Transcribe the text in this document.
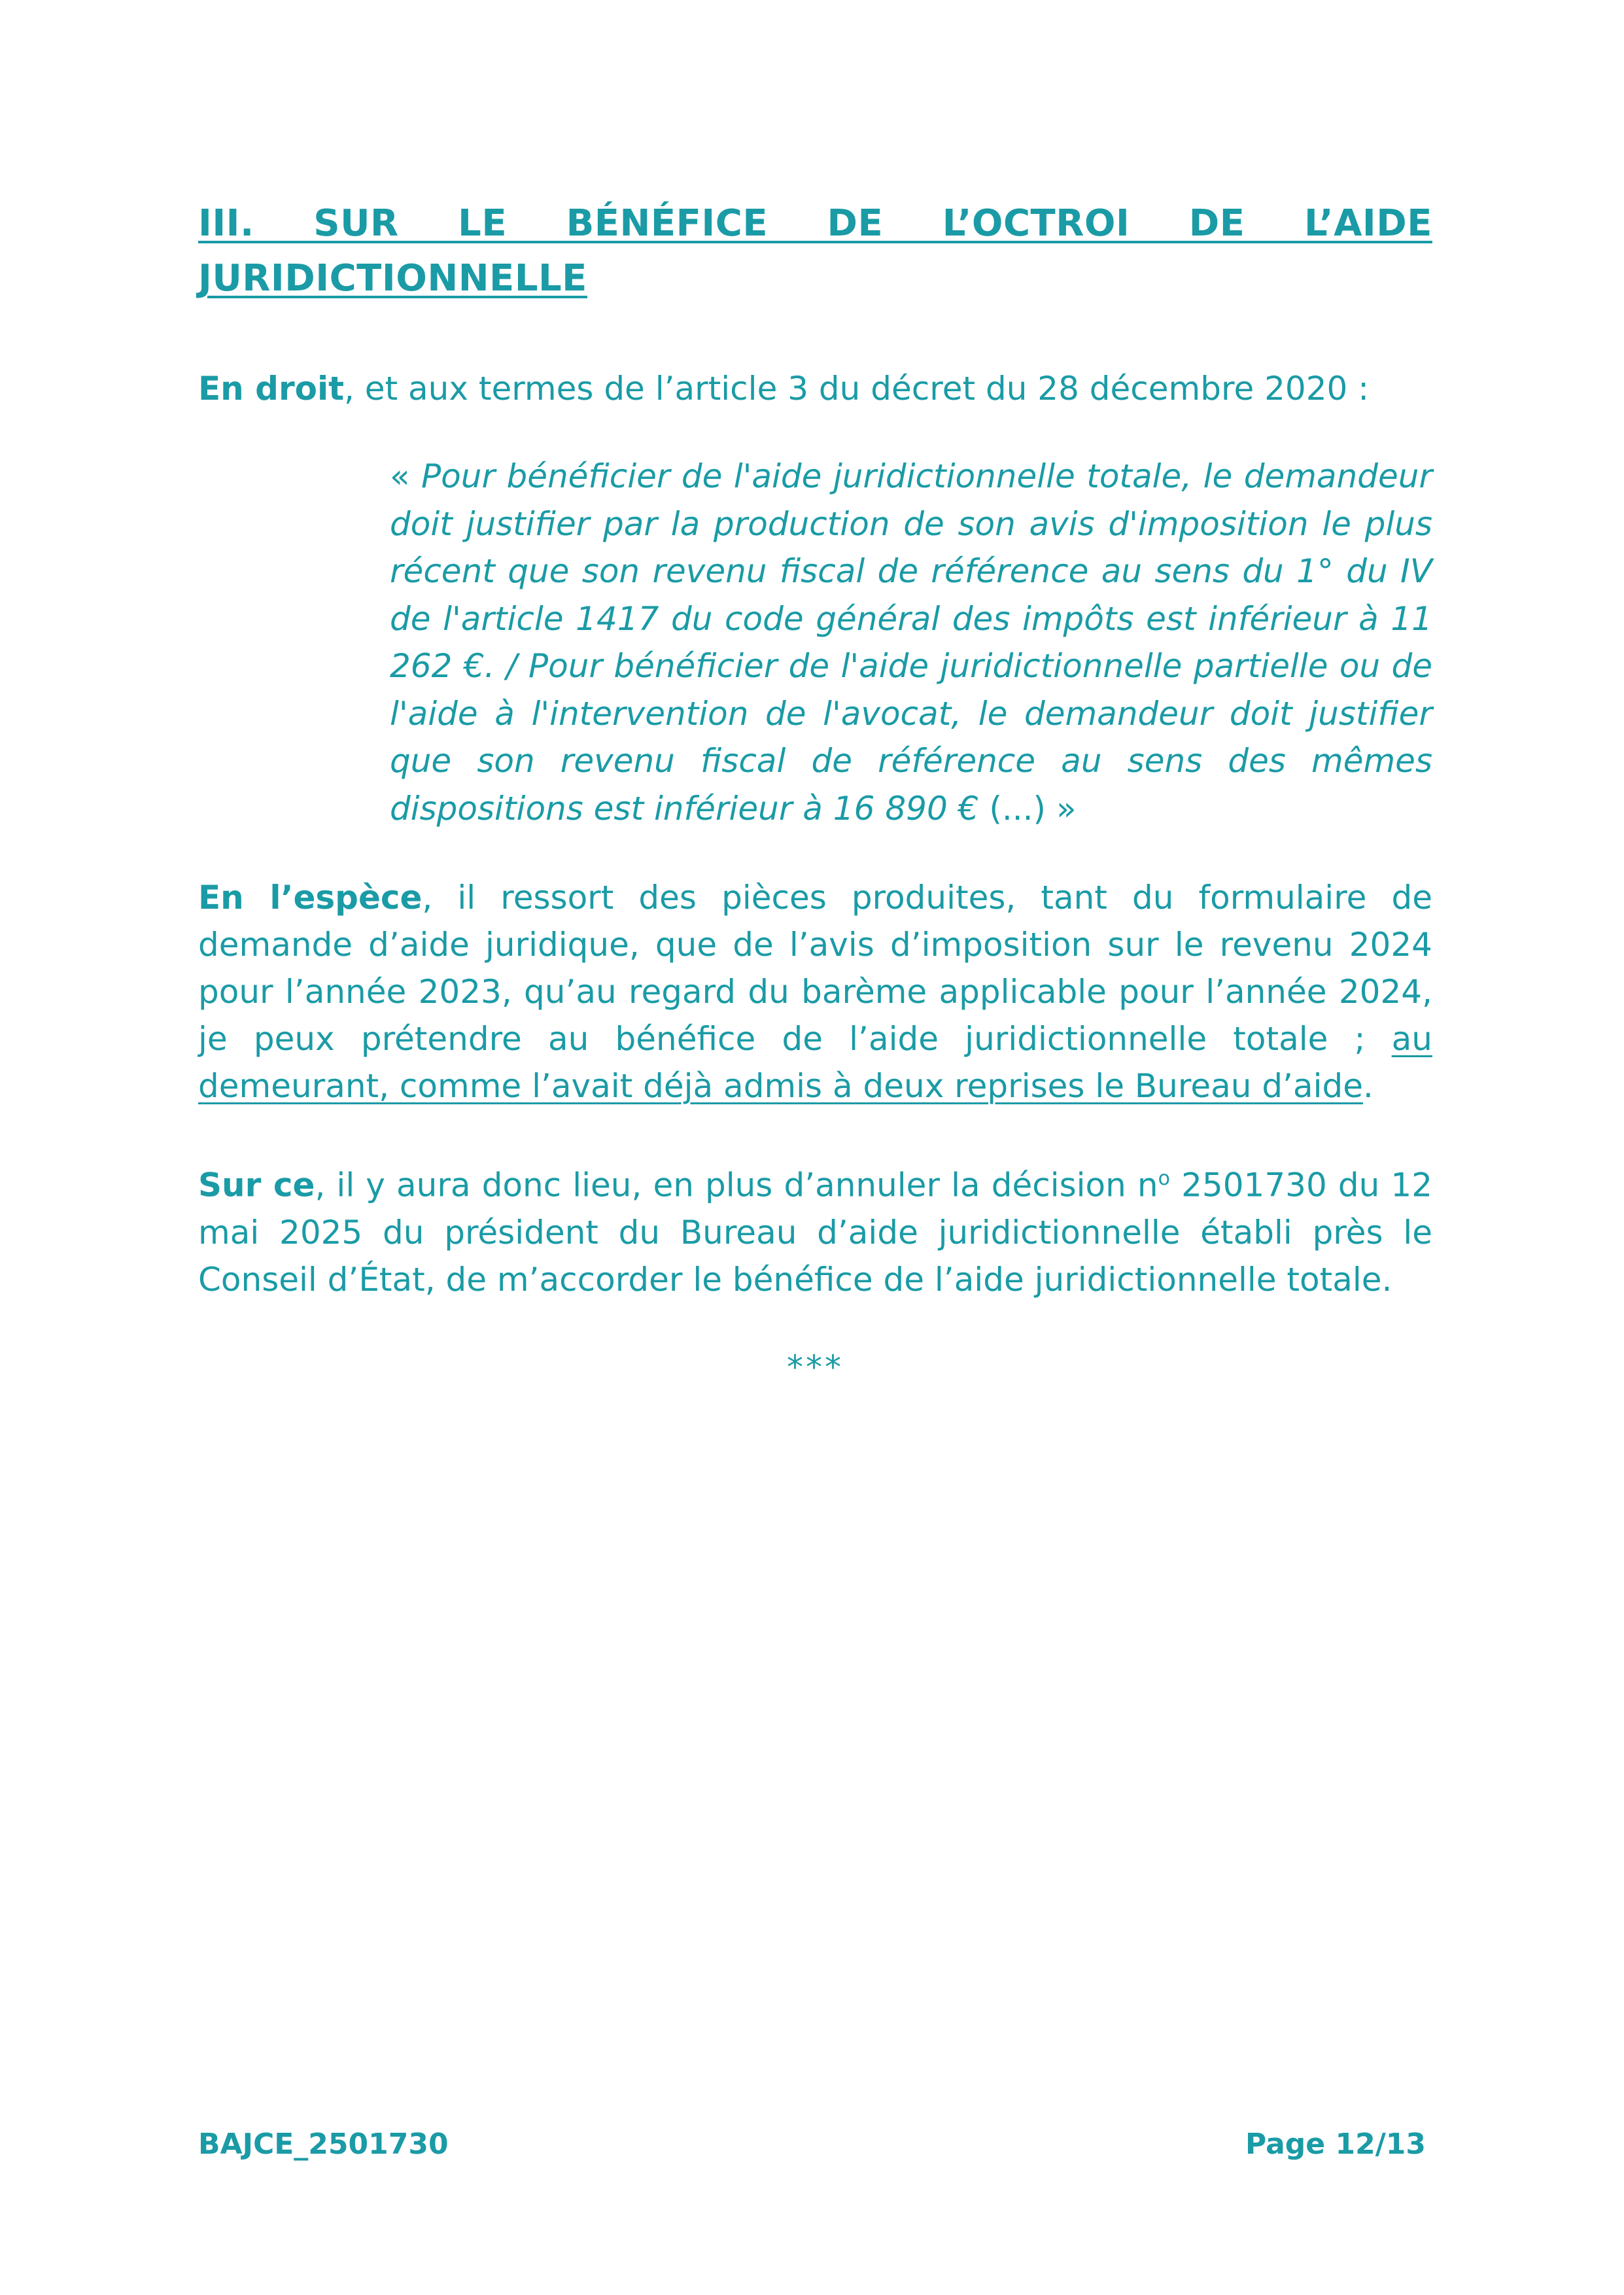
III. SUR LE BÉNÉFICE DE L’OCTROI DE L’AIDE JURIDICTIONNELLE

En droit, et aux termes de l’article 3 du décret du 28 décembre 2020 :

« Pour bénéficier de l'aide juridictionnelle totale, le demandeur doit justifier par la production de son avis d'imposition le plus récent que son revenu fiscal de référence au sens du 1° du IV de l'article 1417 du code général des impôts est inférieur à 11 262 €. / Pour bénéficier de l'aide juridictionnelle partielle ou de l'aide à l'intervention de l'avocat, le demandeur doit justifier que son revenu fiscal de référence au sens des mêmes dispositions est inférieur à 16 890 € (...) »

En l’espèce, il ressort des pièces produites, tant du formulaire de demande d’aide juridique, que de l’avis d’imposition sur le revenu 2024 pour l’année 2023, qu’au regard du barème applicable pour l’année 2024, je peux prétendre au bénéfice de l’aide juridictionnelle totale ; au demeurant, comme l’avait déjà admis à deux reprises le Bureau d’aide.

Sur ce, il y aura donc lieu, en plus d’annuler la décision $n^o$ 2501730 du 12 mai 2025 du président du Bureau d’aide juridictionnelle établi près le Conseil d’État, de m’accorder le bénéfice de l’aide juridictionnelle totale.

***
BAJCE_2501730	Page 12/13
